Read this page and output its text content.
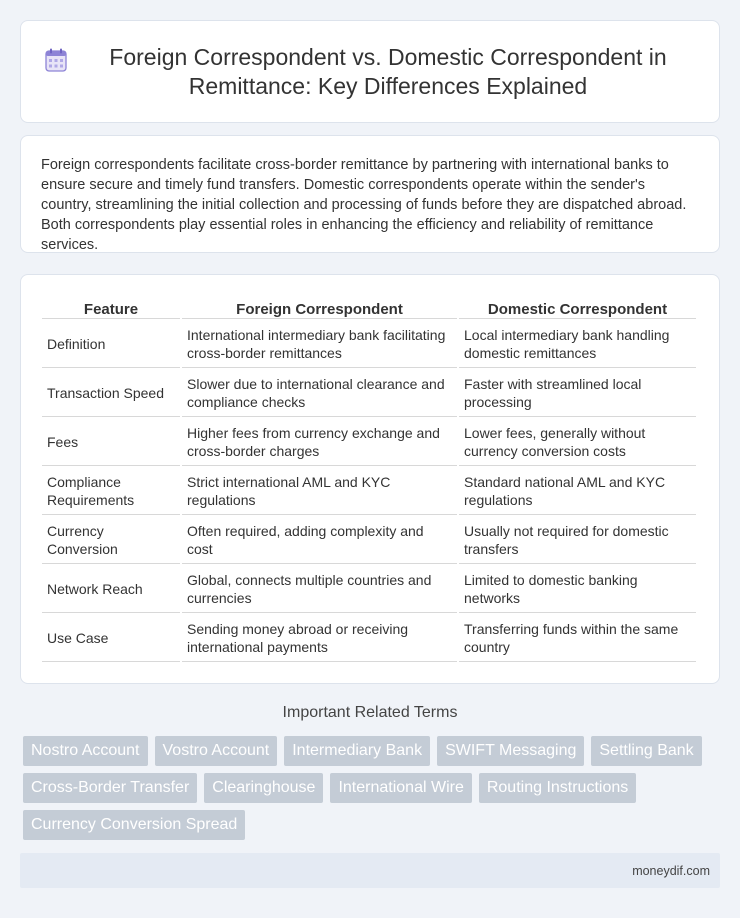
Foreign Correspondent vs. Domestic Correspondent in Remittance: Key Differences Explained

Foreign correspondents facilitate cross-border remittance by partnering with international banks to ensure secure and timely fund transfers. Domestic correspondents operate within the sender's country, streamlining the initial collection and processing of funds before they are dispatched abroad. Both correspondents play essential roles in enhancing the efficiency and reliability of remittance services.

Feature	Foreign Correspondent	Domestic Correspondent
Definition	International intermediary bank facilitating cross-border remittances	Local intermediary bank handling domestic remittances
Transaction Speed	Slower due to international clearance and compliance checks	Faster with streamlined local processing
Fees	Higher fees from currency exchange and cross-border charges	Lower fees, generally without currency conversion costs
Compliance Requirements	Strict international AML and KYC regulations	Standard national AML and KYC regulations
Currency Conversion	Often required, adding complexity and cost	Usually not required for domestic transfers
Network Reach	Global, connects multiple countries and currencies	Limited to domestic banking networks
Use Case	Sending money abroad or receiving international payments	Transferring funds within the same country
Important Related Terms
Nostro Account	Vostro Account	Intermediary Bank	SWIFT Messaging	Settling Bank
Cross-Border Transfer	Clearinghouse	International Wire	Routing Instructions
Currency Conversion Spread
moneydif.com
